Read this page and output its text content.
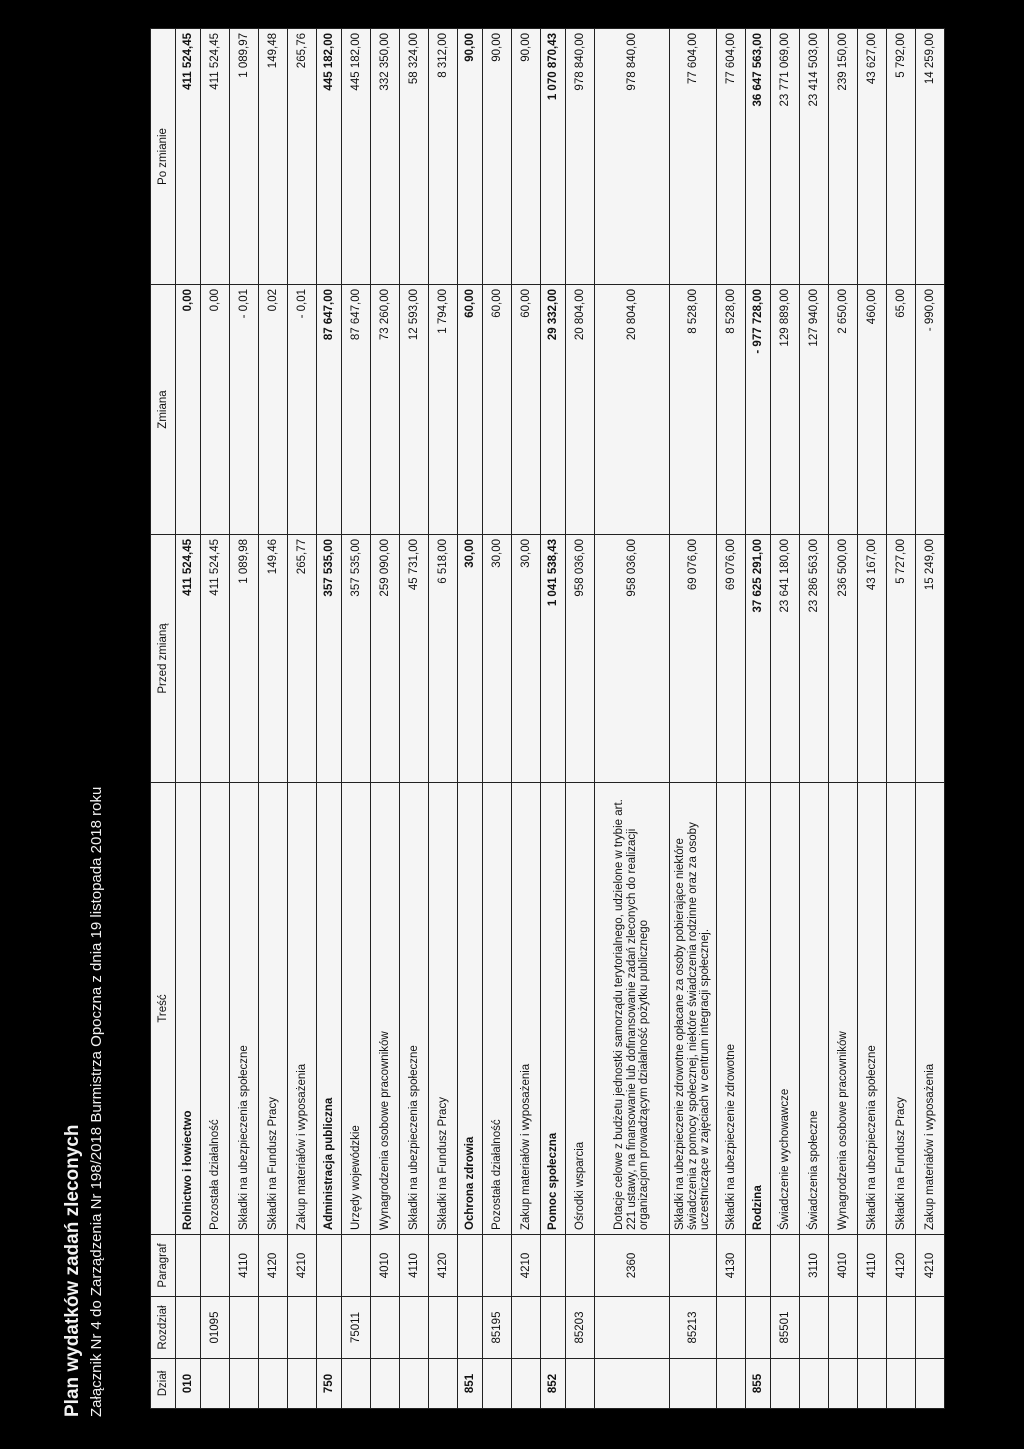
Plan wydatków zadań zleconych Załącznik Nr 4 do Zarządzenia Nr 198/2018 Burmistrza Opoczna z dnia 19 listopada 2018 roku	Dział	Rozdział	Paragraf	Treść	Przed zmianą	Zmiana	Po zmianie
010			Rolnictwo i łowiectwo	411 524,45	0,00	411 524,45
	01095		Pozostała działalność	411 524,45	0,00	411 524,45
		4110	Składki na ubezpieczenia społeczne	1 089,98	- 0,01	1 089,97
		4120	Składki na Fundusz Pracy	149,46	0,02	149,48
		4210	Zakup materiałów i wyposażenia	265,77	- 0,01	265,76
750			Administracja publiczna	357 535,00	87 647,00	445 182,00
	75011		Urzędy wojewódzkie	357 535,00	87 647,00	445 182,00
		4010	Wynagrodzenia osobowe pracowników	259 090,00	73 260,00	332 350,00
		4110	Składki na ubezpieczenia społeczne	45 731,00	12 593,00	58 324,00
		4120	Składki na Fundusz Pracy	6 518,00	1 794,00	8 312,00
851			Ochrona zdrowia	30,00	60,00	90,00
	85195		Pozostała działalność	30,00	60,00	90,00
		4210	Zakup materiałów i wyposażenia	30,00	60,00	90,00
852			Pomoc społeczna	1 041 538,43	29 332,00	1 070 870,43
	85203		Ośrodki wsparcia	958 036,00	20 804,00	978 840,00
		2360	Dotacje celowe z budżetu jednostki samorządu terytorialnego, udzielone w trybie art. 221 ustawy, na finansowanie lub dofinansowanie zadań zleconych do realizacji organizacjom prowadzącym działalność pożytku publicznego	958 036,00	20 804,00	978 840,00
	85213		Składki na ubezpieczenie zdrowotne opłacane za osoby pobierające niektóre świadczenia z pomocy społecznej, niektóre świadczenia rodzinne oraz za osoby uczestniczące w zajęciach w centrum integracji społecznej.	69 076,00	8 528,00	77 604,00
		4130	Składki na ubezpieczenie zdrowotne	69 076,00	8 528,00	77 604,00
855			Rodzina	37 625 291,00	- 977 728,00	36 647 563,00
	85501		Świadczenie wychowawcze	23 641 180,00	129 889,00	23 771 069,00
		3110	Świadczenia społeczne	23 286 563,00	127 940,00	23 414 503,00
		4010	Wynagrodzenia osobowe pracowników	236 500,00	2 650,00	239 150,00
		4110	Składki na ubezpieczenia społeczne	43 167,00	460,00	43 627,00
		4120	Składki na Fundusz Pracy	5 727,00	65,00	5 792,00
		4210	Zakup materiałów i wyposażenia	15 249,00	- 990,00	14 259,00
